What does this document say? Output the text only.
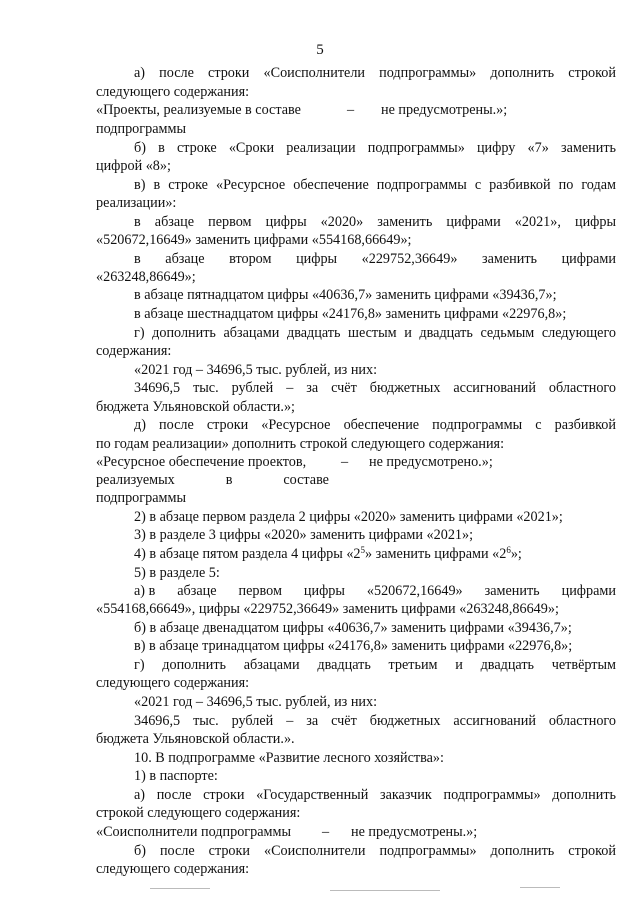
5
а) после строки «Соисполнители подпрограммы» дополнить строкой
следующего содержания:
«Проекты, реализуемые в составе	– не предусмотрены.»;
подпрограммы
б) в строке «Сроки реализации подпрограммы» цифру «7» заменить
цифрой «8»;
в) в строке «Ресурсное обеспечение подпрограммы с разбивкой по годам
реализации»:
в абзаце первом цифры «2020» заменить цифрами «2021», цифры
«520672,16649» заменить цифрами «554168,66649»;
в абзаце втором цифры «229752,36649» заменить цифрами
«263248,86649»;
в абзаце пятнадцатом цифры «40636,7» заменить цифрами «39436,7»;
в абзаце шестнадцатом цифры «24176,8» заменить цифрами «22976,8»;
г) дополнить абзацами двадцать шестым и двадцать седьмым следующего
содержания:
«2021 год – 34696,5 тыс. рублей, из них:
34696,5 тыс. рублей – за счёт бюджетных ассигнований областного
бюджета Ульяновской области.»;
д) после строки «Ресурсное обеспечение подпрограммы с разбивкой
по годам реализации» дополнить строкой следующего содержания:
«Ресурсное обеспечение проектов, – не предусмотрено.»;
реализуемых	в	составе
подпрограммы
2) в абзаце первом раздела 2 цифры «2020» заменить цифрами «2021»;
3) в разделе 3 цифры «2020» заменить цифрами «2021»;
4) в абзаце пятом раздела 4 цифры «$2^5$» заменить цифрами «$2^6$»;
5) в разделе 5:
а) в абзаце первом цифры «520672,16649» заменить цифрами
«554168,66649», цифры «229752,36649» заменить цифрами «263248,86649»;
б) в абзаце двенадцатом цифры «40636,7» заменить цифрами «39436,7»;
в) в абзаце тринадцатом цифры «24176,8» заменить цифрами «22976,8»;
г) дополнить абзацами двадцать третьим и двадцать четвёртым
следующего содержания:
«2021 год – 34696,5 тыс. рублей, из них:
34696,5 тыс. рублей – за счёт бюджетных ассигнований областного
бюджета Ульяновской области.».
10. В подпрограмме «Развитие лесного хозяйства»:
1) в паспорте:
а) после строки «Государственный заказчик подпрограммы» дополнить
строкой следующего содержания:
«Соисполнители подпрограммы – не предусмотрены.»;
б) после строки «Соисполнители подпрограммы» дополнить строкой
следующего содержания:
